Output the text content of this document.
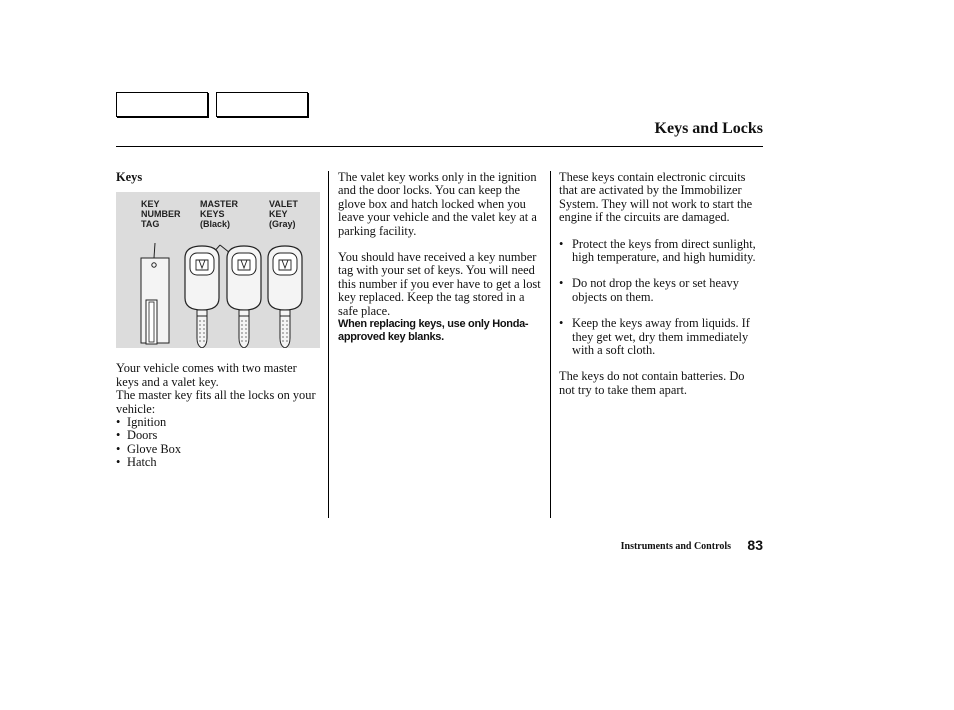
Keys and Locks
Keys
KEY
NUMBER
TAG
MASTER
KEYS
(Black)
VALET
KEY
(Gray)

Your vehicle comes with two master keys and a valet key.

The master key fits all the locks on your vehicle:

• Ignition
• Doors
• Glove Box
• Hatch

The valet key works only in the ignition and the door locks. You can keep the glove box and hatch locked when you leave your vehicle and the valet key at a parking facility.

You should have received a key number tag with your set of keys. You will need this number if you ever have to get a lost key replaced. Keep the tag stored in a safe place.

When replacing keys, use only Honda-approved key blanks.

These keys contain electronic circuits that are activated by the Immobilizer System. They will not work to start the engine if the circuits are damaged.

• Protect the keys from direct sunlight, high temperature, and high humidity.
• Do not drop the keys or set heavy objects on them.
• Keep the keys away from liquids. If they get wet, dry them immediately with a soft cloth.

The keys do not contain batteries. Do not try to take them apart.

Instruments and Controls 83
